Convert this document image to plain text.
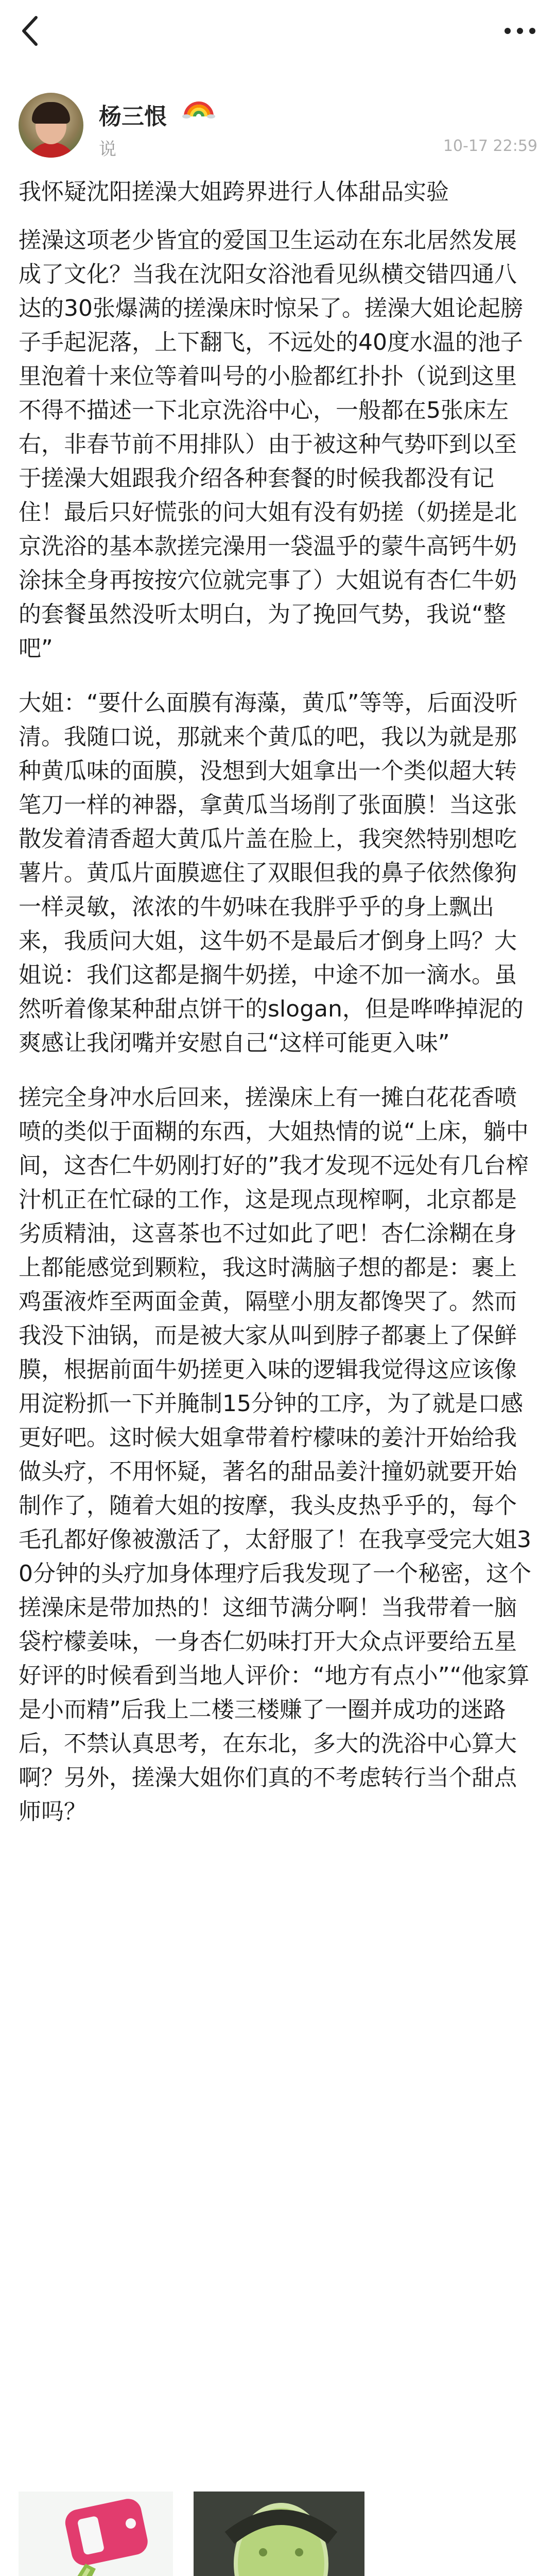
杨三恨
说	10-17 22:59

我怀疑沈阳搓澡大姐跨界进行人体甜品实验

搓澡这项老少皆宜的爱国卫生运动在东北居然发展成了文化？当我在沈阳女浴池看见纵横交错四通八达的30张爆满的搓澡床时惊呆了。搓澡大姐论起膀子手起泥落，上下翻飞，不远处的40度水温的池子里泡着十来位等着叫号的小脸都红扑扑（说到这里不得不描述一下北京洗浴中心，一般都在5张床左右，非春节前不用排队）由于被这种气势吓到以至于搓澡大姐跟我介绍各种套餐的时候我都没有记住！最后只好慌张的问大姐有没有奶搓（奶搓是北京洗浴的基本款搓完澡用一袋温乎的蒙牛高钙牛奶涂抹全身再按按穴位就完事了）大姐说有杏仁牛奶的套餐虽然没听太明白，为了挽回气势，我说“整吧”

大姐：“要什么面膜有海藻，黄瓜”等等，后面没听清。我随口说，那就来个黄瓜的吧，我以为就是那种黄瓜味的面膜，没想到大姐拿出一个类似超大转笔刀一样的神器，拿黄瓜当场削了张面膜！当这张散发着清香超大黄瓜片盖在脸上，我突然特别想吃薯片。黄瓜片面膜遮住了双眼但我的鼻子依然像狗一样灵敏，浓浓的牛奶味在我胖乎乎的身上飘出来，我质问大姐，这牛奶不是最后才倒身上吗？大姐说：我们这都是搁牛奶搓，中途不加一滴水。虽然听着像某种甜点饼干的slogan，但是哗哗掉泥的爽感让我闭嘴并安慰自己“这样可能更入味”

搓完全身冲水后回来，搓澡床上有一摊白花花香喷喷的类似于面糊的东西，大姐热情的说“上床，躺中间，这杏仁牛奶刚打好的”我才发现不远处有几台榨汁机正在忙碌的工作，这是现点现榨啊，北京都是劣质精油，这喜茶也不过如此了吧！杏仁涂糊在身上都能感觉到颗粒，我这时满脑子想的都是：裹上鸡蛋液炸至两面金黄，隔壁小朋友都馋哭了。然而我没下油锅，而是被大家从叫到脖子都裹上了保鲜膜，根据前面牛奶搓更入味的逻辑我觉得这应该像用淀粉抓一下并腌制15分钟的工序，为了就是口感更好吧。这时候大姐拿带着柠檬味的姜汁开始给我做头疗，不用怀疑，著名的甜品姜汁撞奶就要开始制作了，随着大姐的按摩，我头皮热乎乎的，每个毛孔都好像被激活了，太舒服了！在我享受完大姐30分钟的头疗加身体理疗后我发现了一个秘密，这个搓澡床是带加热的！这细节满分啊！当我带着一脑袋柠檬姜味，一身杏仁奶味打开大众点评要给五星好评的时候看到当地人评价：“地方有点小”“他家算是小而精”后我上二楼三楼赚了一圈并成功的迷路后，不禁认真思考，在东北，多大的洗浴中心算大啊？另外，搓澡大姐你们真的不考虑转行当个甜点师吗？
